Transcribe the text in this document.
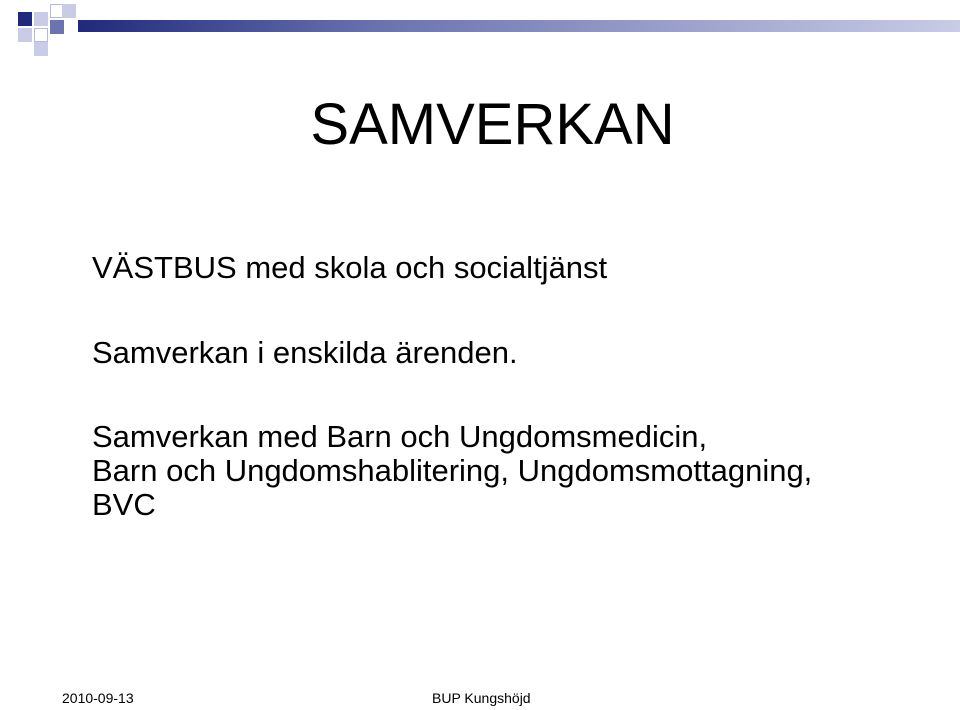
SAMVERKAN
VÄSTBUS med skola och socialtjänst
Samverkan i enskilda ärenden.
Samverkan med Barn och Ungdomsmedicin,
Barn och Ungdomshablitering, Ungdomsmottagning,
BVC
2010-09-13	BUP Kungshöjd
